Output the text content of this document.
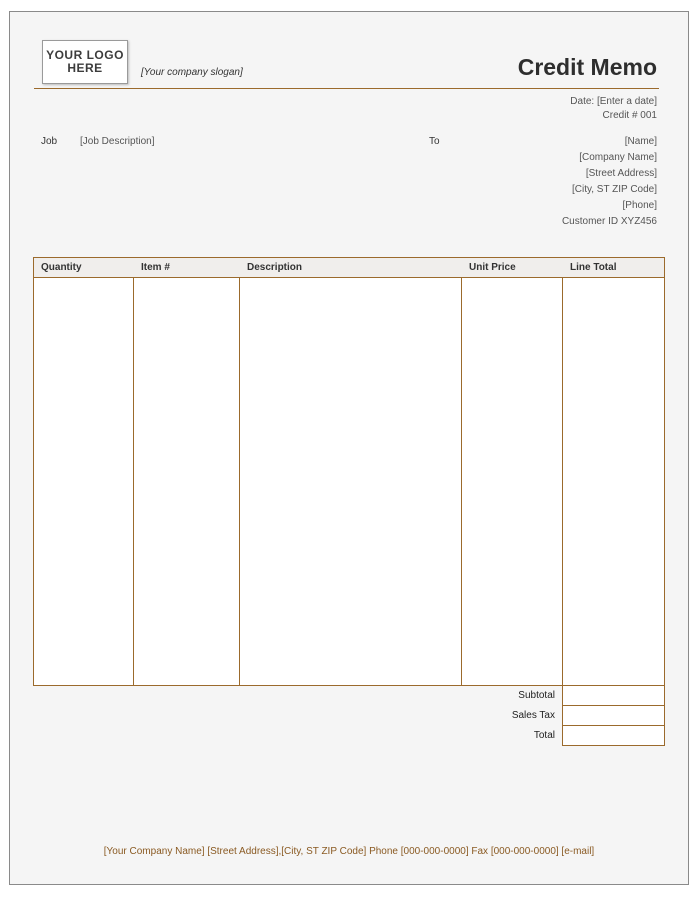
YOUR LOGO
HERE	[Your company slogan]	Credit Memo
Date: [Enter a date]
Credit # 001
Job [Job Description]	To	[Name]
[Company Name]
[Street Address]
[City, ST ZIP Code]
[Phone]
Customer ID XYZ456
Quantity	Item #	Description	Unit Price	Line Total
Subtotal
Sales Tax
Total
[Your Company Name] [Street Address],[City, ST ZIP Code] Phone [000-000-0000] Fax [000-000-0000] [e-mail]
